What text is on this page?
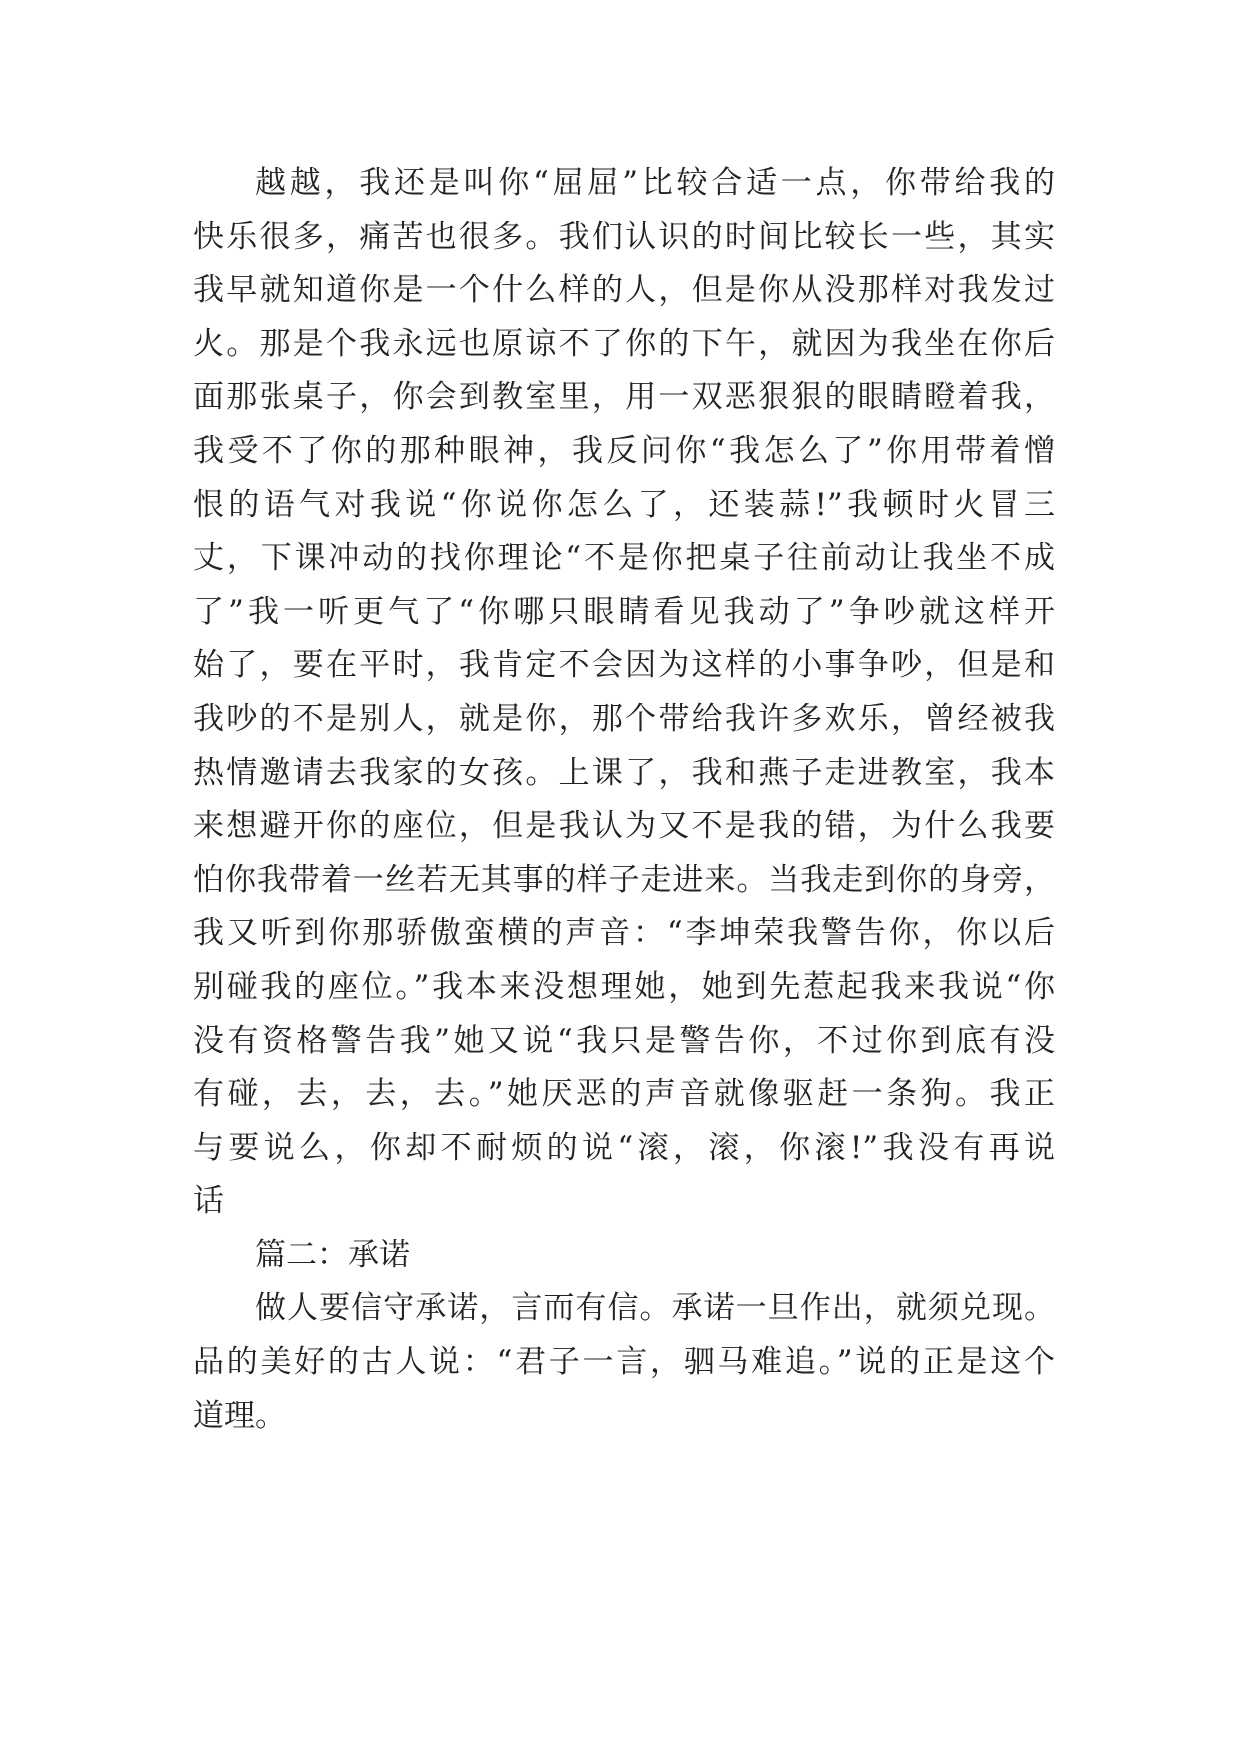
越越，我还是叫你“屈屈”比较合适一点，你带给我的
快乐很多，痛苦也很多。我们认识的时间比较长一些，其实
我早就知道你是一个什么样的人，但是你从没那样对我发过
火。那是个我永远也原谅不了你的下午，就因为我坐在你后
面那张桌子，你会到教室里，用一双恶狠狠的眼睛瞪着我，
我受不了你的那种眼神，我反问你“我怎么了”你用带着憎
恨的语气对我说“你说你怎么了，还装蒜!”我顿时火冒三
丈，下课冲动的找你理论“不是你把桌子往前动让我坐不成
了”我一听更气了“你哪只眼睛看见我动了”争吵就这样开
始了，要在平时，我肯定不会因为这样的小事争吵，但是和
我吵的不是别人，就是你，那个带给我许多欢乐，曾经被我
热情邀请去我家的女孩。上课了，我和燕子走进教室，我本
来想避开你的座位，但是我认为又不是我的错，为什么我要
怕你我带着一丝若无其事的样子走进来。当我走到你的身旁，
我又听到你那骄傲蛮横的声音：“李坤荣我警告你，你以后
别碰我的座位。”我本来没想理她，她到先惹起我来我说“你
没有资格警告我”她又说“我只是警告你，不过你到底有没
有碰，去，去，去。”她厌恶的声音就像驱赶一条狗。我正
与要说么，你却不耐烦的说“滚，滚，你滚!”我没有再说
话
篇二：承诺
做人要信守承诺，言而有信。承诺一旦作出，就须兑现。
品的美好的古人说：“君子一言，驷马难追。”说的正是这个
道理。
